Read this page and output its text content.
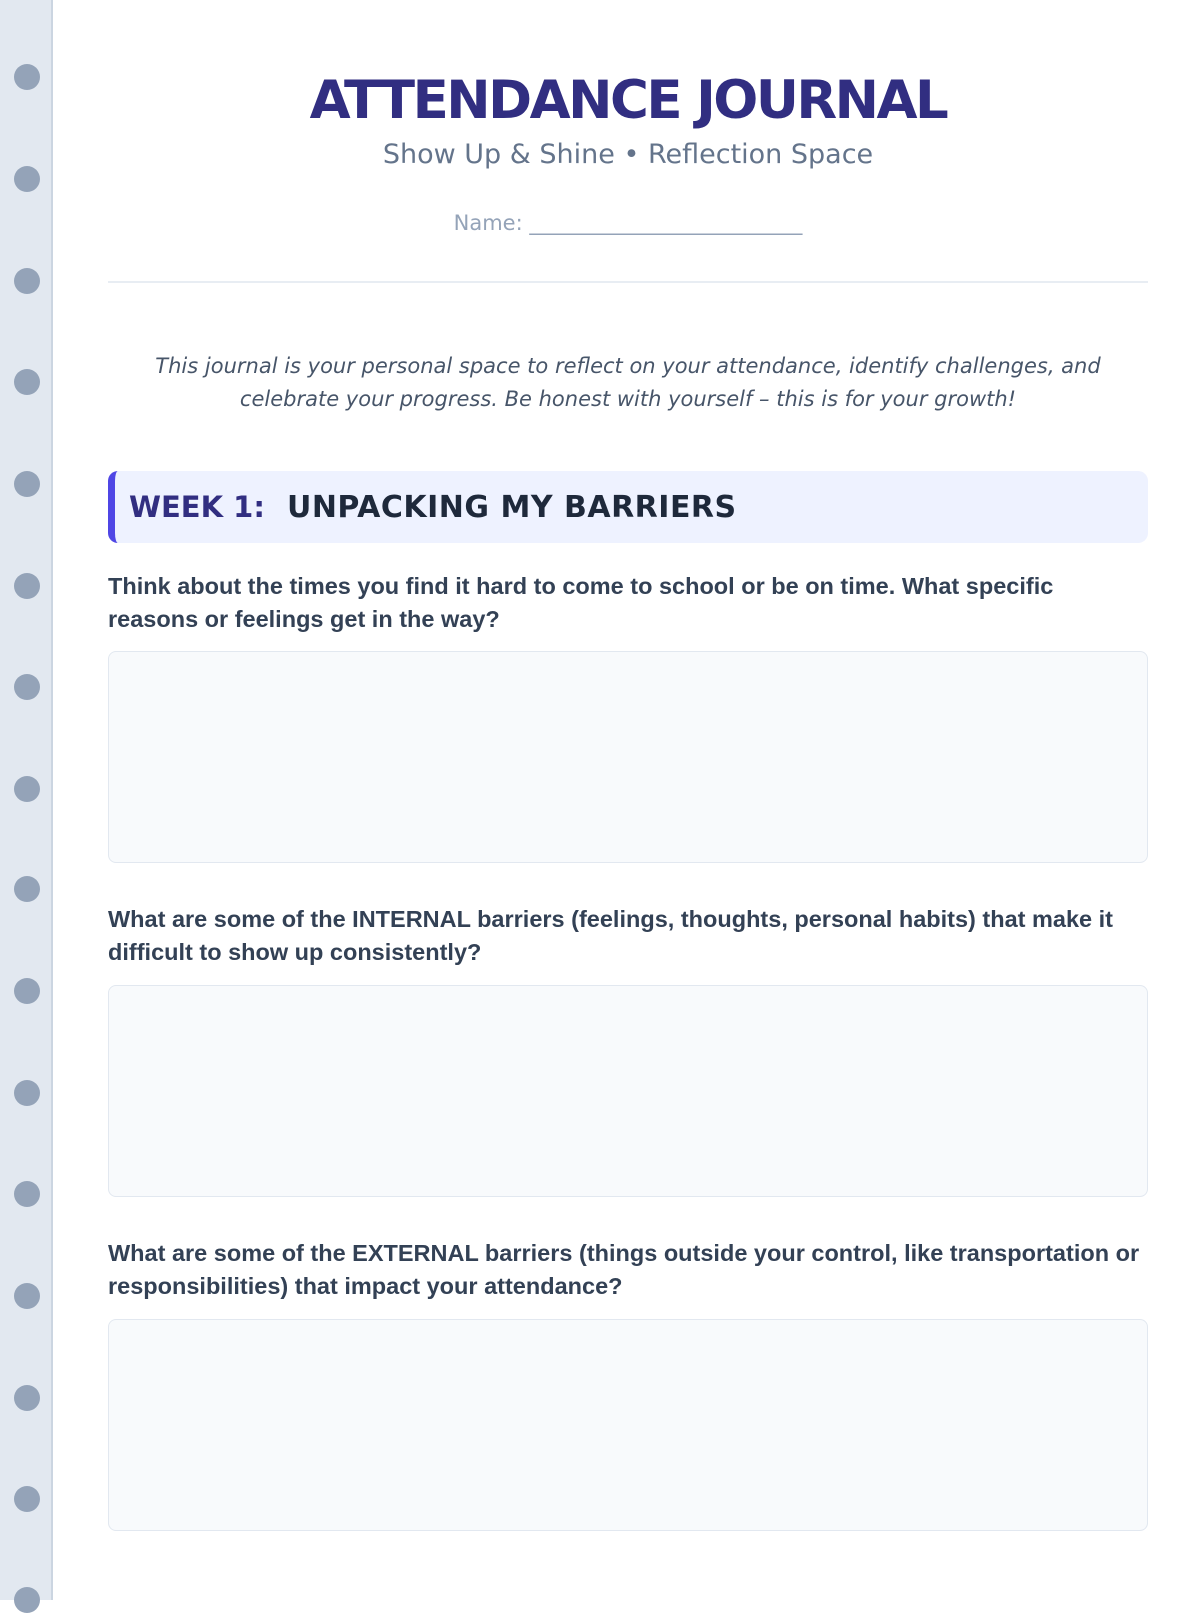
ATTENDANCE JOURNAL
Show Up & Shine • Reflection Space
Name: __________________________
This journal is your personal space to reflect on your attendance, identify challenges, and
celebrate your progress. Be honest with yourself – this is for your growth!
WEEK 1: UNPACKING MY BARRIERS
Think about the times you find it hard to come to school or be on time. What specific
reasons or feelings get in the way?
What are some of the INTERNAL barriers (feelings, thoughts, personal habits) that make it
difficult to show up consistently?
What are some of the EXTERNAL barriers (things outside your control, like transportation or
responsibilities) that impact your attendance?
